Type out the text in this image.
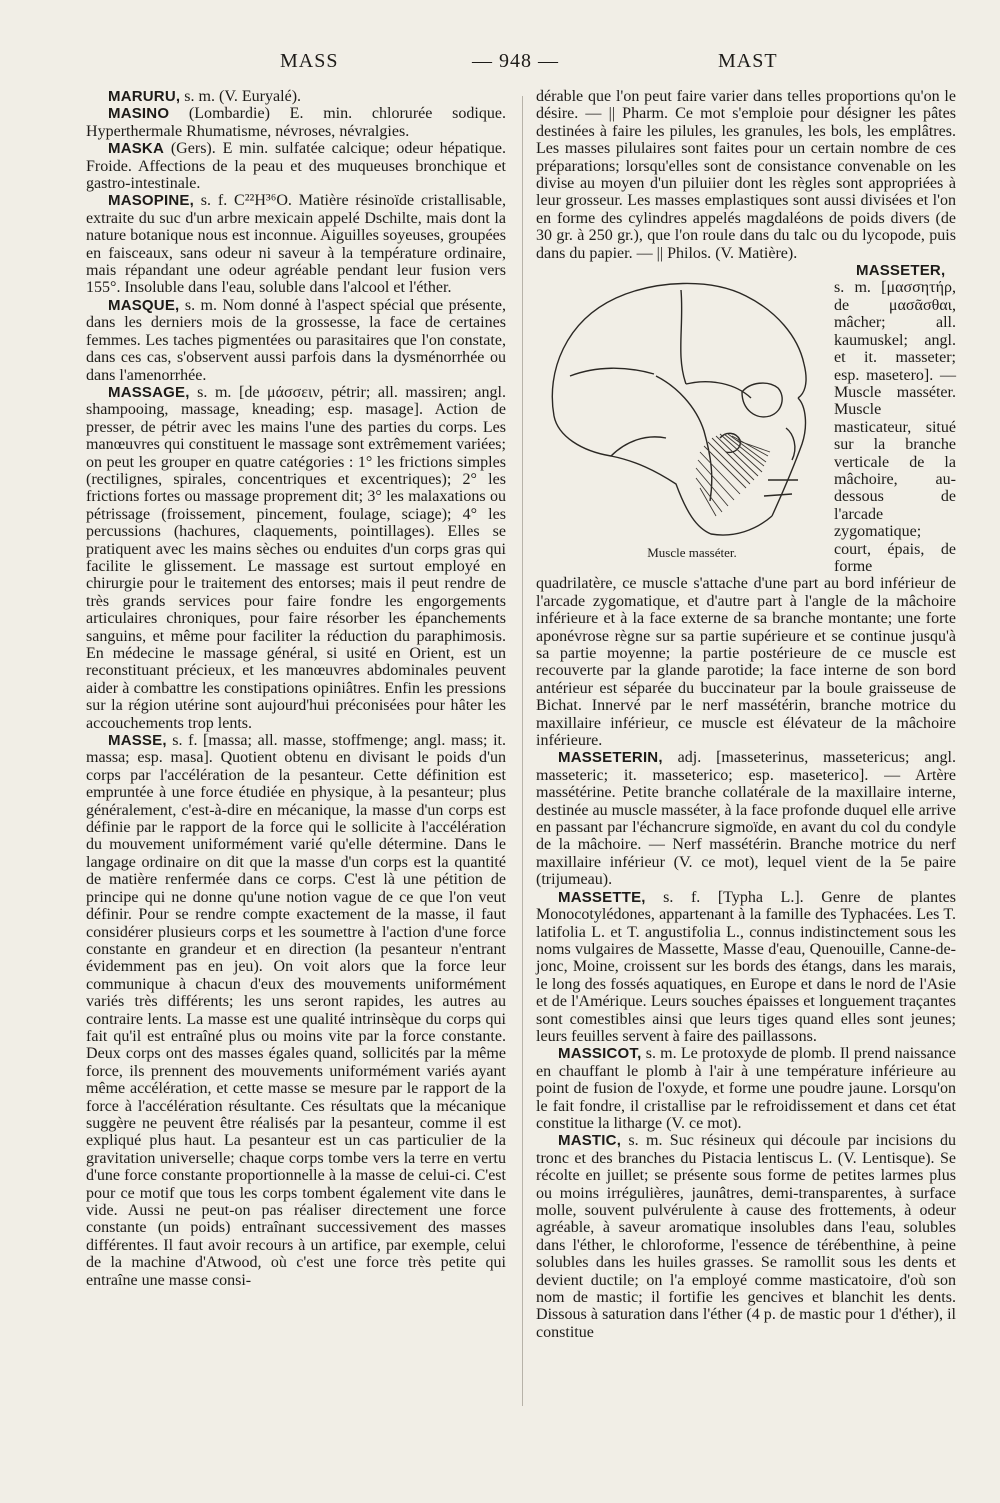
MASS	— 948 —	MAST

MARURU, s. m. (V. Euryalé).

MASINO (Lombardie) E. min. chlorurée sodique. Hyperthermale Rhumatisme, névroses, névralgies.

MASKA (Gers). E min. sulfatée calcique; odeur hépatique. Froide. Affections de la peau et des muqueuses bronchique et gastro-intestinale.

MASOPINE, s. f. C²²H³⁶O. Matière résinoïde cristallisable, extraite du suc d'un arbre mexicain appelé Dschilte, mais dont la nature botanique nous est inconnue. Aiguilles soyeuses, groupées en faisceaux, sans odeur ni saveur à la température ordinaire, mais répandant une odeur agréable pendant leur fusion vers 155°. Insoluble dans l'eau, soluble dans l'alcool et l'éther.

MASQUE, s. m. Nom donné à l'aspect spécial que présente, dans les derniers mois de la grossesse, la face de certaines femmes. Les taches pigmentées ou parasitaires que l'on constate, dans ces cas, s'observent aussi parfois dans la dysménorrhée ou dans l'amenorrhée.

MASSAGE, s. m. [de μάσσειν, pétrir; all. massiren; angl. shampooing, massage, kneading; esp. masage]. Action de presser, de pétrir avec les mains l'une des parties du corps. Les manœuvres qui constituent le massage sont extrêmement variées; on peut les grouper en quatre catégories : 1° les frictions simples (rectilignes, spirales, concentriques et excentriques); 2° les frictions fortes ou massage proprement dit; 3° les malaxations ou pétrissage (froissement, pincement, foulage, sciage); 4° les percussions (hachures, claquements, pointillages). Elles se pratiquent avec les mains sèches ou enduites d'un corps gras qui facilite le glissement. Le massage est surtout employé en chirurgie pour le traitement des entorses; mais il peut rendre de très grands services pour faire fondre les engorgements articulaires chroniques, pour faire résorber les épanchements sanguins, et même pour faciliter la réduction du paraphimosis. En médecine le massage général, si usité en Orient, est un reconstituant précieux, et les manœuvres abdominales peuvent aider à combattre les constipations opiniâtres. Enfin les pressions sur la région utérine sont aujourd'hui préconisées pour hâter les accouchements trop lents.

MASSE, s. f. [massa; all. masse, stoffmenge; angl. mass; it. massa; esp. masa]. Quotient obtenu en divisant le poids d'un corps par l'accélération de la pesanteur. Cette définition est empruntée à une force étudiée en physique, à la pesanteur; plus généralement, c'est-à-dire en mécanique, la masse d'un corps est définie par le rapport de la force qui le sollicite à l'accélération du mouvement uniformément varié qu'elle détermine. Dans le langage ordinaire on dit que la masse d'un corps est la quantité de matière renfermée dans ce corps. C'est là une pétition de principe qui ne donne qu'une notion vague de ce que l'on veut définir. Pour se rendre compte exactement de la masse, il faut considérer plusieurs corps et les soumettre à l'action d'une force constante en grandeur et en direction (la pesanteur n'entrant évidemment pas en jeu). On voit alors que la force leur communique à chacun d'eux des mouvements uniformément variés très différents; les uns seront rapides, les autres au contraire lents. La masse est une qualité intrinsèque du corps qui fait qu'il est entraîné plus ou moins vite par la force constante. Deux corps ont des masses égales quand, sollicités par la même force, ils prennent des mouvements uniformément variés ayant même accélération, et cette masse se mesure par le rapport de la force à l'accélération résultante. Ces résultats que la mécanique suggère ne peuvent être réalisés par la pesanteur, comme il est expliqué plus haut. La pesanteur est un cas particulier de la gravitation universelle; chaque corps tombe vers la terre en vertu d'une force constante proportionnelle à la masse de celui-ci. C'est pour ce motif que tous les corps tombent également vite dans le vide. Aussi ne peut-on pas réaliser directement une force constante (un poids) entraînant successivement des masses différentes. Il faut avoir recours à un artifice, par exemple, celui de la machine d'Atwood, où c'est une force très petite qui entraîne une masse consi-

dérable que l'on peut faire varier dans telles proportions qu'on le désire. — || Pharm. Ce mot s'emploie pour désigner les pâtes destinées à faire les pilules, les granules, les bols, les emplâtres. Les masses pilulaires sont faites pour un certain nombre de ces préparations; lorsqu'elles sont de consistance convenable on les divise au moyen d'un piluiier dont les règles sont appropriées à leur grosseur. Les masses emplastiques sont aussi divisées et l'on en forme des cylindres appelés magdaléons de poids divers (de 30 gr. à 250 gr.), que l'on roule dans du talc ou du lycopode, puis dans du papier. — || Philos. (V. Matière).

MASSETER,
Muscle masséter.
s. m. [μασσητήρ, de μασᾶσθαι, mâcher; all. kaumuskel; angl. et it. masseter; esp. masetero]. — Muscle masséter. Muscle masticateur, situé sur la branche verticale de la mâchoire, au-dessous de l'arcade zygomatique; court, épais, de forme quadrilatère, ce muscle s'attache d'une part au bord inférieur de l'arcade zygomatique, et d'autre part à l'angle de la mâchoire inférieure et à la face externe de sa branche montante; une forte aponévrose règne sur sa partie supérieure et se continue jusqu'à sa partie moyenne; la partie postérieure de ce muscle est recouverte par la glande parotide; la face interne de son bord antérieur est séparée du buccinateur par la boule graisseuse de Bichat. Innervé par le nerf massétérin, branche motrice du maxillaire inférieur, ce muscle est élévateur de la mâchoire inférieure.

MASSETERIN, adj. [masseterinus, massetericus; angl. masseteric; it. masseterico; esp. maseterico]. — Artère massétérine. Petite branche collatérale de la maxillaire interne, destinée au muscle masséter, à la face profonde duquel elle arrive en passant par l'échancrure sigmoïde, en avant du col du condyle de la mâchoire. — Nerf massétérin. Branche motrice du nerf maxillaire inférieur (V. ce mot), lequel vient de la 5e paire (trijumeau).

MASSETTE, s. f. [Typha L.]. Genre de plantes Monocotylédones, appartenant à la famille des Typhacées. Les T. latifolia L. et T. angustifolia L., connus indistinctement sous les noms vulgaires de Massette, Masse d'eau, Quenouille, Canne-de-jonc, Moine, croissent sur les bords des étangs, dans les marais, le long des fossés aquatiques, en Europe et dans le nord de l'Asie et de l'Amérique. Leurs souches épaisses et longuement traçantes sont comestibles ainsi que leurs tiges quand elles sont jeunes; leurs feuilles servent à faire des paillassons.

MASSICOT, s. m. Le protoxyde de plomb. Il prend naissance en chauffant le plomb à l'air à une température inférieure au point de fusion de l'oxyde, et forme une poudre jaune. Lorsqu'on le fait fondre, il cristallise par le refroidissement et dans cet état constitue la litharge (V. ce mot).

MASTIC, s. m. Suc résineux qui découle par incisions du tronc et des branches du Pistacia lentiscus L. (V. Lentisque). Se récolte en juillet; se présente sous forme de petites larmes plus ou moins irrégulières, jaunâtres, demi-transparentes, à surface molle, souvent pulvérulente à cause des frottements, à odeur agréable, à saveur aromatique insolubles dans l'eau, solubles dans l'éther, le chloroforme, l'essence de térébenthine, à peine solubles dans les huiles grasses. Se ramollit sous les dents et devient ductile; on l'a employé comme masticatoire, d'où son nom de mastic; il fortifie les gencives et blanchit les dents. Dissous à saturation dans l'éther (4 p. de mastic pour 1 d'éther), il constitue
